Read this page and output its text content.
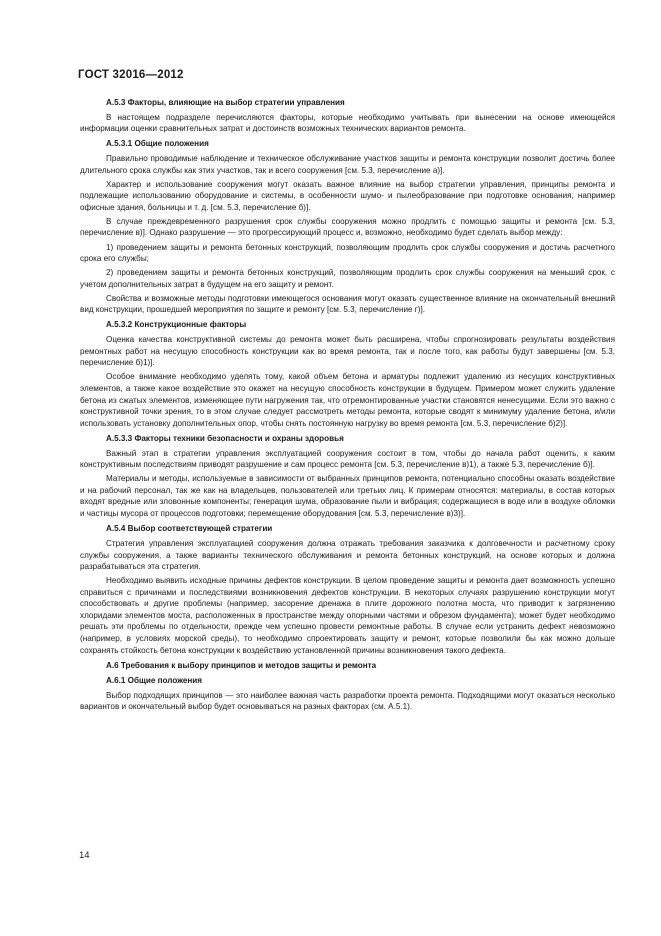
ГОСТ 32016—2012

А.5.3 Факторы, влияющие на выбор стратегии управления

В настоящем подразделе перечисляются факторы, которые необходимо учитывать при вынесении на основе имеющейся информации оценки сравнительных затрат и достоинств возможных технических вариантов ремонта.

А.5.3.1 Общие положения

Правильно проводимые наблюдение и техническое обслуживание участков защиты и ремонта конструкции позволит достичь более длительного срока службы как этих участков, так и всего сооружения [см. 5.3, перечисление а)].

Характер и использование сооружения могут оказать важное влияние на выбор стратегии управления, принципы ремонта и подлежащие использованию оборудование и системы, в особенности шумо- и пылеобразование при подготовке основания, например офисные здания, больницы и т. д. [см. 5.3, перечисление б)].

В случае преждевременного разрушения срок службы сооружения можно продлить с помощью защиты и ремонта [см. 5.3, перечисление в)]. Однако разрушение — это прогрессирующий процесс и, возможно, необходимо будет сделать выбор между:

1) проведением защиты и ремонта бетонных конструкций, позволяющим продлить срок службы сооружения и достичь расчетного срока его службы;

2) проведением защиты и ремонта бетонных конструкций, позволяющим продлить срок службы сооружения на меньший срок, с учетом дополнительных затрат в будущем на его защиту и ремонт.

Свойства и возможные методы подготовки имеющегося основания могут оказать существенное влияние на окончательный внешний вид конструкции, прошедшей мероприятия по защите и ремонту [см. 5.3, перечисление г)].

А.5.3.2 Конструкционные факторы

Оценка качества конструктивной системы до ремонта может быть расширена, чтобы спрогнозировать результаты воздействия ремонтных работ на несущую способность конструкции как во время ремонта, так и после того, как работы будут завершены [см. 5.3, перечисление б)1)].

Особое внимание необходимо уделять тому, какой объем бетона и арматуры подлежит удалению из несущих конструктивных элементов, а также какое воздействие это окажет на несущую способность конструкции в будущем. Примером может служить удаление бетона из сжатых элементов, изменяющее пути нагружения так, что отремонтированные участки становятся ненесущими. Если это важно с конструктивной точки зрения, то в этом случае следует рассмотреть методы ремонта, которые сводят к минимуму удаление бетона, и/или использовать установку дополнительных опор, чтобы снять постоянную нагрузку во время ремонта [см. 5.3, перечисление б)2)].

А.5.3.3 Факторы техники безопасности и охраны здоровья

Важный этап в стратегии управления эксплуатацией сооружения состоит в том, чтобы до начала работ оценить, к каким конструктивным последствиям приводят разрушение и сам процесс ремонта [см. 5.3, перечисление в)1), а также 5.3, перечисление б)].

Материалы и методы, используемые в зависимости от выбранных принципов ремонта, потенциально способны оказать воздействие и на рабочий персонал, так же как на владельцев, пользователей или третьих лиц. К примерам относятся: материалы, в состав которых входят вредные или зловонные компоненты; генерация шума, образование пыли и вибрация; содержащиеся в воде или в воздухе обломки и частицы мусора от процессов подготовки; перемещение оборудования [см. 5.3, перечисление в)3)].

А.5.4 Выбор соответствующей стратегии

Стратегия управления эксплуатацией сооружения должна отражать требования заказчика к долговечности и расчетному сроку службы сооружения, а также варианты технического обслуживания и ремонта бетонных конструкций, на основе которых и должна разрабатываться эта стратегия.

Необходимо выявить исходные причины дефектов конструкции. В целом проведение защиты и ремонта дает возможность успешно справиться с причинами и последствиями возникновения дефектов конструкции. В некоторых случаях разрушению конструкции могут способствовать и другие проблемы (например, засорение дренажа в плите дорожного полотна моста, что приводит к загрязнению хлоридами элементов моста, расположенных в пространстве между опорными частями и обрезом фундамента); может будет необходимо решать эти проблемы по отдельности, прежде чем успешно провести ремонтные работы. В случае если устранить дефект невозможно (например, в условиях морской среды), то необходимо спроектировать защиту и ремонт, которые позволили бы как можно дольше сохранять стойкость бетона конструкции к воздействию установленной причины возникновения такого дефекта.

А.6 Требования к выбору принципов и методов защиты и ремонта

А.6.1 Общие положения

Выбор подходящих принципов — это наиболее важная часть разработки проекта ремонта. Подходящими могут оказаться несколько вариантов и окончательный выбор будет основываться на разных факторах (см. А.5.1).

14
